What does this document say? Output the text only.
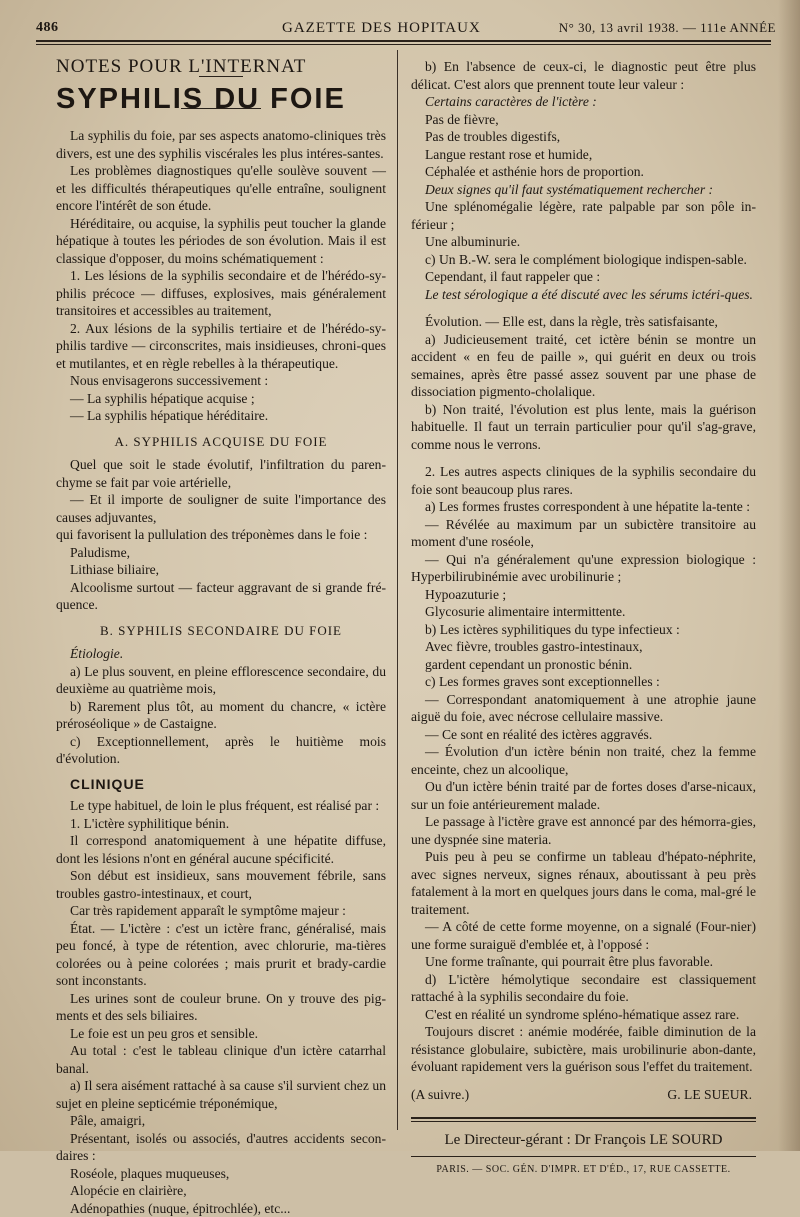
486	GAZETTE DES HOPITAUX	N° 30, 13 avril 1938. — 111e ANNÉE

NOTES POUR L'INTERNAT

SYPHILIS DU FOIE

La syphilis du foie, par ses aspects anatomo-cliniques très divers, est une des syphilis viscérales les plus intéres-santes.

Les problèmes diagnostiques qu'elle soulève souvent — et les difficultés thérapeutiques qu'elle entraîne, soulignent encore l'intérêt de son étude.

Héréditaire, ou acquise, la syphilis peut toucher la glande hépatique à toutes les périodes de son évolution. Mais il est classique d'opposer, du moins schématiquement :

1. Les lésions de la syphilis secondaire et de l'hérédo-sy-philis précoce — diffuses, explosives, mais généralement transitoires et accessibles au traitement,

2. Aux lésions de la syphilis tertiaire et de l'hérédo-sy-philis tardive — circonscrites, mais insidieuses, chroni-ques et mutilantes, et en règle rebelles à la thérapeutique.

Nous envisagerons successivement :

— La syphilis hépatique acquise ;

— La syphilis hépatique héréditaire.

A. SYPHILIS ACQUISE DU FOIE

Quel que soit le stade évolutif, l'infiltration du paren-chyme se fait par voie artérielle,

— Et il importe de souligner de suite l'importance des causes adjuvantes,

qui favorisent la pullulation des tréponèmes dans le foie :

Paludisme,

Lithiase biliaire,

Alcoolisme surtout — facteur aggravant de si grande fré-quence.

B. SYPHILIS SECONDAIRE DU FOIE

Étiologie.

a) Le plus souvent, en pleine efflorescence secondaire, du deuxième au quatrième mois,

b) Rarement plus tôt, au moment du chancre, « ictère préroséolique » de Castaigne.

c) Exceptionnellement, après le huitième mois d'évolution.

CLINIQUE

Le type habituel, de loin le plus fréquent, est réalisé par :

1. L'ictère syphilitique bénin.

Il correspond anatomiquement à une hépatite diffuse, dont les lésions n'ont en général aucune spécificité.

Son début est insidieux, sans mouvement fébrile, sans troubles gastro-intestinaux, et court,

Car très rapidement apparaît le symptôme majeur :

État. — L'ictère : c'est un ictère franc, généralisé, mais peu foncé, à type de rétention, avec chlorurie, ma-tières colorées ou à peine colorées ; mais prurit et brady-cardie sont inconstants.

Les urines sont de couleur brune. On y trouve des pig-ments et des sels biliaires.

Le foie est un peu gros et sensible.

Au total : c'est le tableau clinique d'un ictère catarrhal banal.

a) Il sera aisément rattaché à sa cause s'il survient chez un sujet en pleine septicémie tréponémique,

Pâle, amaigri,

Présentant, isolés ou associés, d'autres accidents secon-daires :

Roséole, plaques muqueuses,

Alopécie en clairière,

Adénopathies (nuque, épitrochlée), etc...

b) En l'absence de ceux-ci, le diagnostic peut être plus délicat. C'est alors que prennent toute leur valeur :

Certains caractères de l'ictère :

Pas de fièvre,

Pas de troubles digestifs,

Langue restant rose et humide,

Céphalée et asthénie hors de proportion.

Deux signes qu'il faut systématiquement rechercher :

Une splénomégalie légère, rate palpable par son pôle in-férieur ;

Une albuminurie.

c) Un B.-W. sera le complément biologique indispen-sable.

Cependant, il faut rappeler que :

Le test sérologique a été discuté avec les sérums ictéri-ques.

Évolution. — Elle est, dans la règle, très satisfaisante,

a) Judicieusement traité, cet ictère bénin se montre un accident « en feu de paille », qui guérit en deux ou trois semaines, après être passé assez souvent par une phase de dissociation pigmento-cholalique.

b) Non traité, l'évolution est plus lente, mais la guérison habituelle. Il faut un terrain particulier pour qu'il s'ag-grave, comme nous le verrons.

2. Les autres aspects cliniques de la syphilis secondaire du foie sont beaucoup plus rares.

a) Les formes frustes correspondent à une hépatite la-tente :

— Révélée au maximum par un subictère transitoire au moment d'une roséole,

— Qui n'a généralement qu'une expression biologique : Hyperbilirubinémie avec urobilinurie ;

Hypoazuturie ;

Glycosurie alimentaire intermittente.

b) Les ictères syphilitiques du type infectieux :

Avec fièvre, troubles gastro-intestinaux,

gardent cependant un pronostic bénin.

c) Les formes graves sont exceptionnelles :

— Correspondant anatomiquement à une atrophie jaune aiguë du foie, avec nécrose cellulaire massive.

— Ce sont en réalité des ictères aggravés.

— Évolution d'un ictère bénin non traité, chez la femme enceinte, chez un alcoolique,

Ou d'un ictère bénin traité par de fortes doses d'arse-nicaux, sur un foie antérieurement malade.

Le passage à l'ictère grave est annoncé par des hémorra-gies, une dyspnée sine materia.

Puis peu à peu se confirme un tableau d'hépato-néphrite, avec signes nerveux, signes rénaux, aboutissant à peu près fatalement à la mort en quelques jours dans le coma, mal-gré le traitement.

— A côté de cette forme moyenne, on a signalé (Four-nier) une forme suraiguë d'emblée et, à l'opposé :

Une forme traînante, qui pourrait être plus favorable.

d) L'ictère hémolytique secondaire est classiquement rattaché à la syphilis secondaire du foie.

C'est en réalité un syndrome spléno-hématique assez rare.

Toujours discret : anémie modérée, faible diminution de la résistance globulaire, subictère, mais urobilinurie abon-dante, évoluant rapidement vers la guérison sous l'effet du traitement.

(A suivre.)	G. LE SUEUR.

Le Directeur-gérant : Dr François LE SOURD

PARIS. — SOC. GÉN. D'IMPR. ET D'ÉD., 17, RUE CASSETTE.
